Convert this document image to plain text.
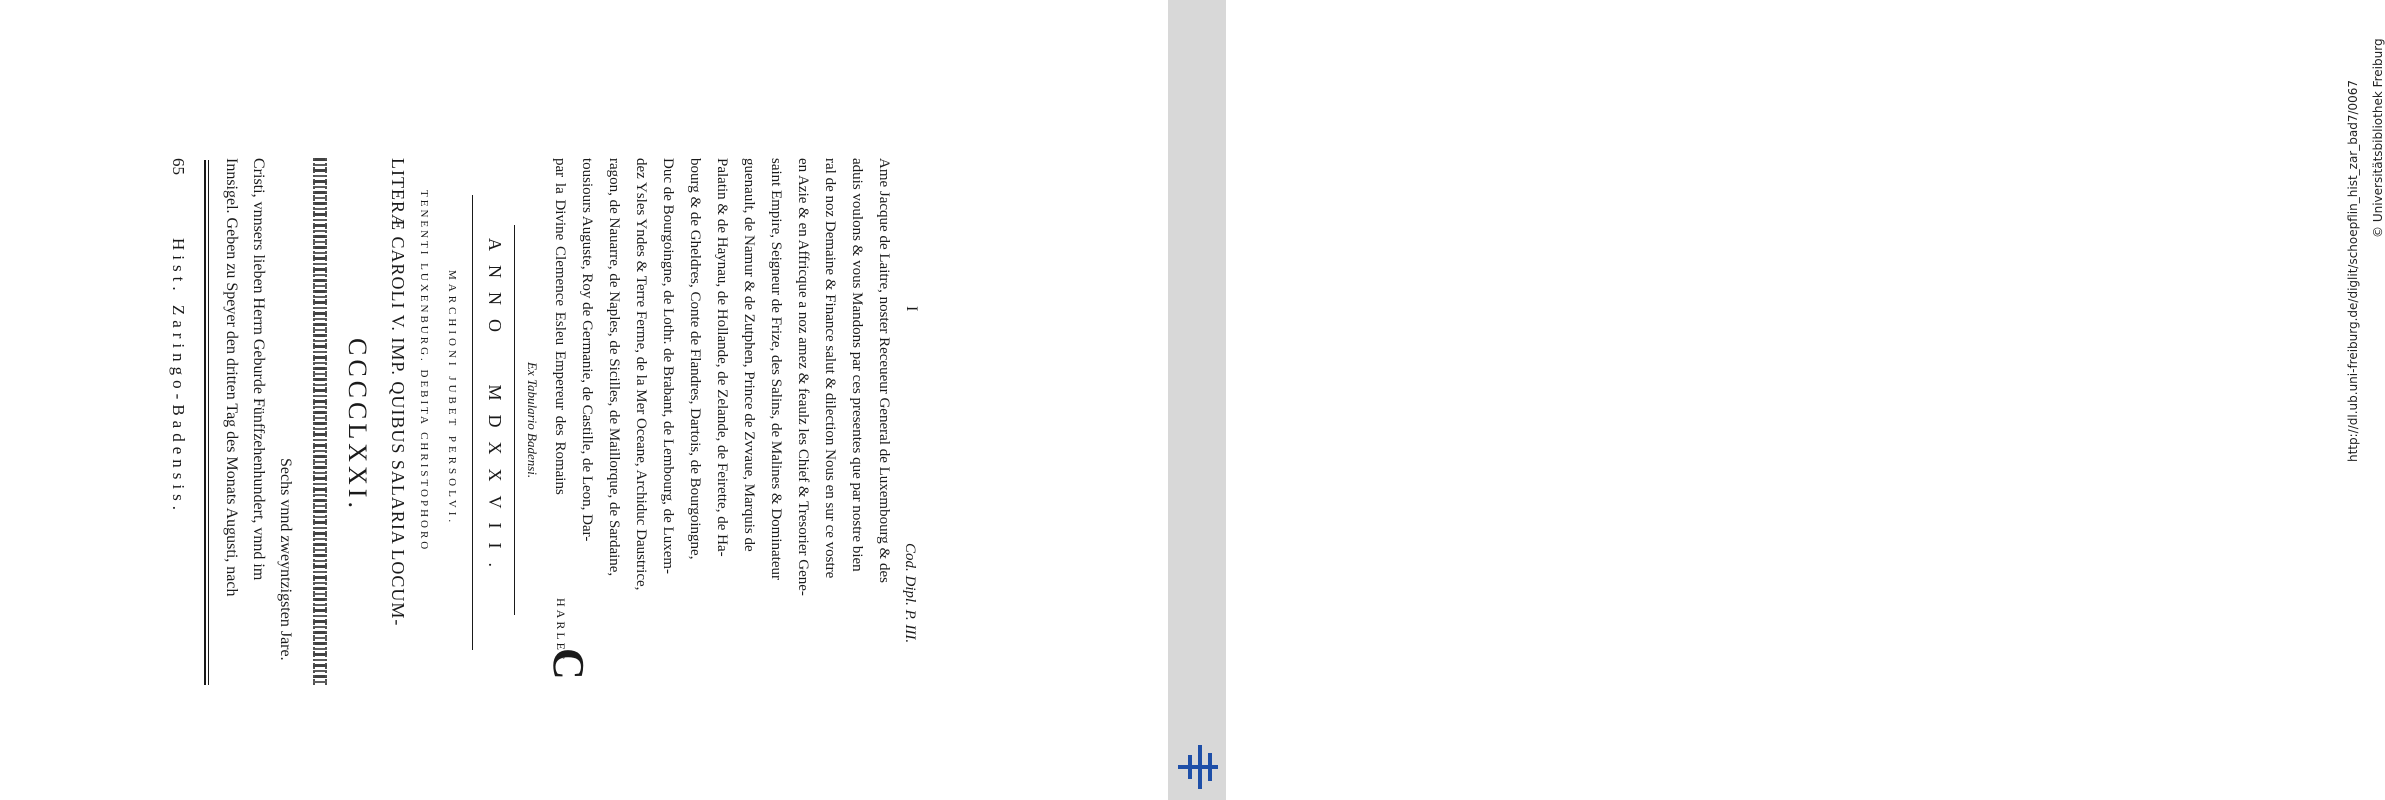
Hist. Zaringo-Badensis.
65 Innsigel. Geben zu Speyer den dritten Tag des Monats Augusti, nach Cristi, vnnsers lieben Herrn Geburde Fünffzehenhundert, vnnd im Sechs vnnd zweyntzigsten Jare.
CCCCLXXI. LITERÆ CAROLI V. IMP. QUIBUS SALARIA LOCUM- TENENTI LUXENBURG. DEBITA CHRISTOPHORO MARCHIONI JUBET PERSOLVI. ANNO MDXXVII. Ex Tabulario Badensi.
C
HARLES
par la Divine Clemence Esleu Empereur des Romains tousiours Auguste, Roy de Germanie, de Castille, de Leon, Dar- ragon, de Nauarre, de Naples, de Sicilles, de Maillorque, de Sardaine, dez Ysles Yndes & Terre Ferme, de la Mer Oceane, Archiduc Daustrice, Duc de Bourgoingne, de Lothr. de Brabant, de Lembourg, de Luxem- bourg & de Gheldres, Conte de Flandres, Dartois, de Bourgoingne, Palatin & de Haynau, de Hollande, de Zelande, de Feirette, de Ha- guenault, de Namur & de Zutphen, Prince de Zvvaue, Marquis de saint Empire, Seigneur de Frize, des Salins, de Malines & Dominateur en Azie & en Affricque a noz amez & feaulz les Chief & Tresorier Gene- ral de noz Demaine & Finance salut & dilection Nous en sur ce vostre aduis voulons & vous Mandons par ces presentes que par nostre bien Ame Jacque de Laitre, noster Receueur General de Luxembourg & des I
Cod. Dipl. P. III.
http://dl.ub.uni-freiburg.de/diglit/schoepflin_hist_zar_bad7/0067 © Universitätsbibliothek Freiburg
